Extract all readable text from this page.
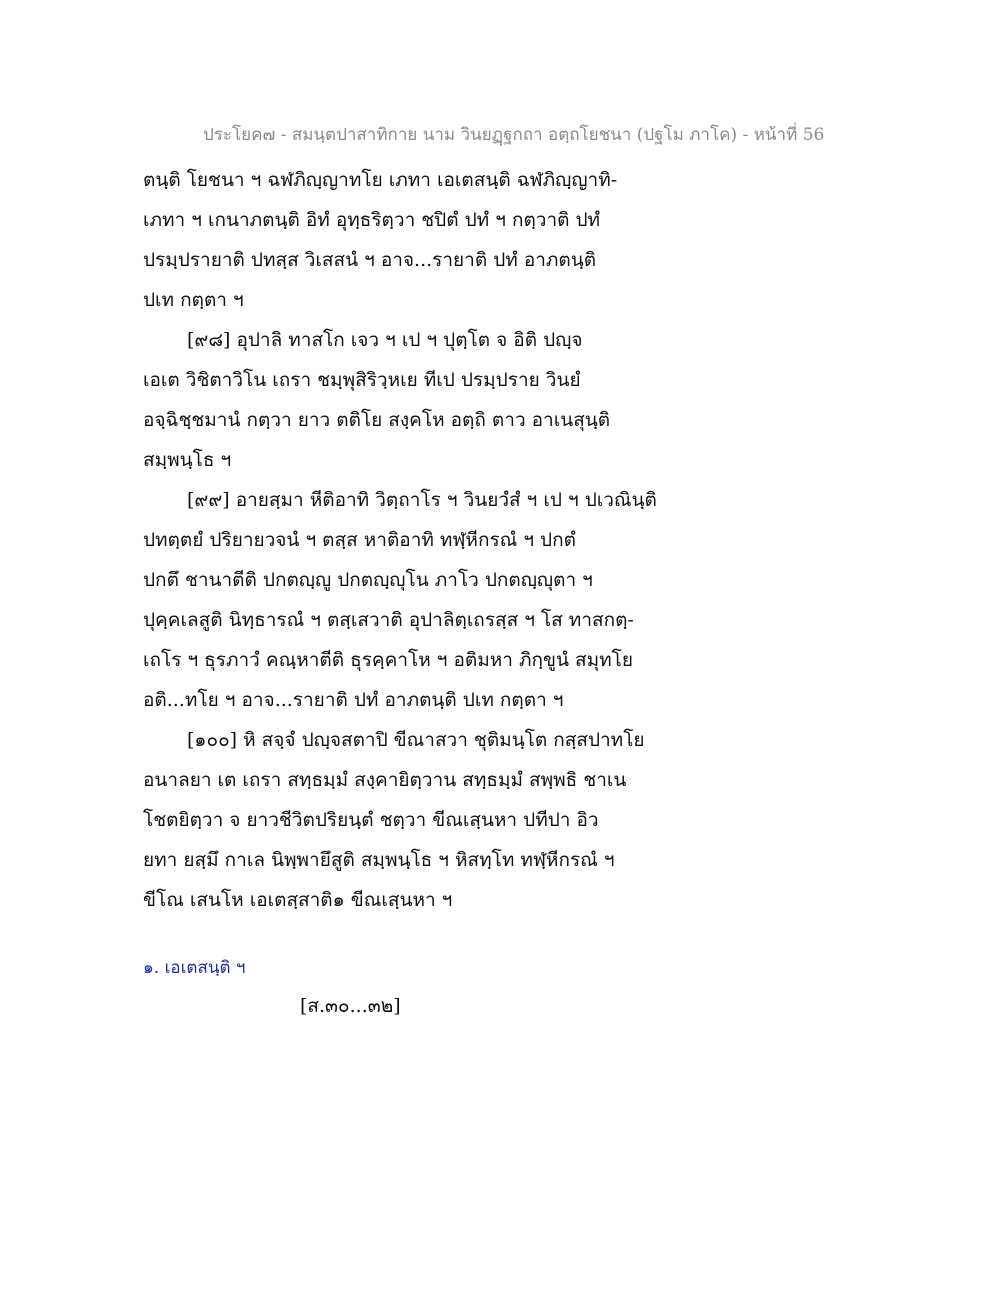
ประโยค๗ - สมนฺตปาสาทิกาย นาม วินยฏฺฐกถา อตฺถโยชนา (ปฐโม ภาโค) - หน้าที่ 56
ตนฺติ โยชนา ฯ ฉฬภิญฺญาทโย เภทา เอเตสนฺติ ฉฬภิญฺญาทิ-
เภทา ฯ เกนาภตนฺติ อิทํ อุทฺธริตฺวา ชปิตํ ปทํ ฯ กตฺวาติ ปทํ
ปรมฺปรายาติ ปทสฺส วิเสสนํ ฯ อาจ...รายาติ ปทํ อาภตนฺติ
ปเท กตฺตา ฯ
[๙๘] อุปาลิ ทาสโก เจว ฯ เป ฯ ปุตฺโต จ อิติ ปญฺจ
เอเต วิชิตาวิโน เถรา ชมฺพุสิริวฺหเย ทีเป ปรมฺปราย วินยํ
อจฺฉิชฺชมานํ กตฺวา ยาว ตติโย สงฺคโห อตฺถิ ตาว อาเนสุนฺติ
สมฺพนฺโธ ฯ
[๙๙] อายสฺมา หีติอาทิ วิตฺถาโร ฯ วินยวํสํ ฯ เป ฯ ปเวณินฺติ
ปทตฺตยํ ปริยายวจนํ ฯ ตสฺส หาติอาทิ ทฬฺหีกรณํ ฯ ปกตํ
ปกตึ ชานาตีติ ปกตญฺญู ปกตญฺญุโน ภาโว ปกตญฺญุตา ฯ
ปุคฺคเลสูติ นิทฺธารณํ ฯ ตสฺเสวาติ อุปาลิตฺเถรสฺส ฯ โส ทาสกตฺ-
เถโร ฯ ธุรภาวํ คณฺหาตีติ ธุรคฺคาโห ฯ อติมหา ภิกฺขูนํ สมุทโย
อติ...ทโย ฯ อาจ...รายาติ ปทํ อาภตนฺติ ปเท กตฺตา ฯ
[๑๐๐] หิ สจฺจํ ปญฺจสตาปิ ขีณาสวา ชุติมนฺโต กสฺสปาทโย
อนาลยา เต เถรา สทฺธมฺมํ สงฺคายิตฺวาน สทฺธมฺมํ สพฺพธิ ชาเน
โชตยิตฺวา จ ยาวชีวิตปริยนฺตํ ชตฺวา ขีณเสฺนหา ปทีปา อิว
ยทา ยสฺมึ กาเล นิพฺพายึสูติ สมฺพนฺโธ ฯ หิสทฺโท ทฬฺหีกรณํ ฯ
ขีโณ เสนโห เอเตสฺสาติ๑ ขีณเสฺนหา ฯ
๑. เอเตสนฺติ ฯ
[ส.๓๐...๓๒]
